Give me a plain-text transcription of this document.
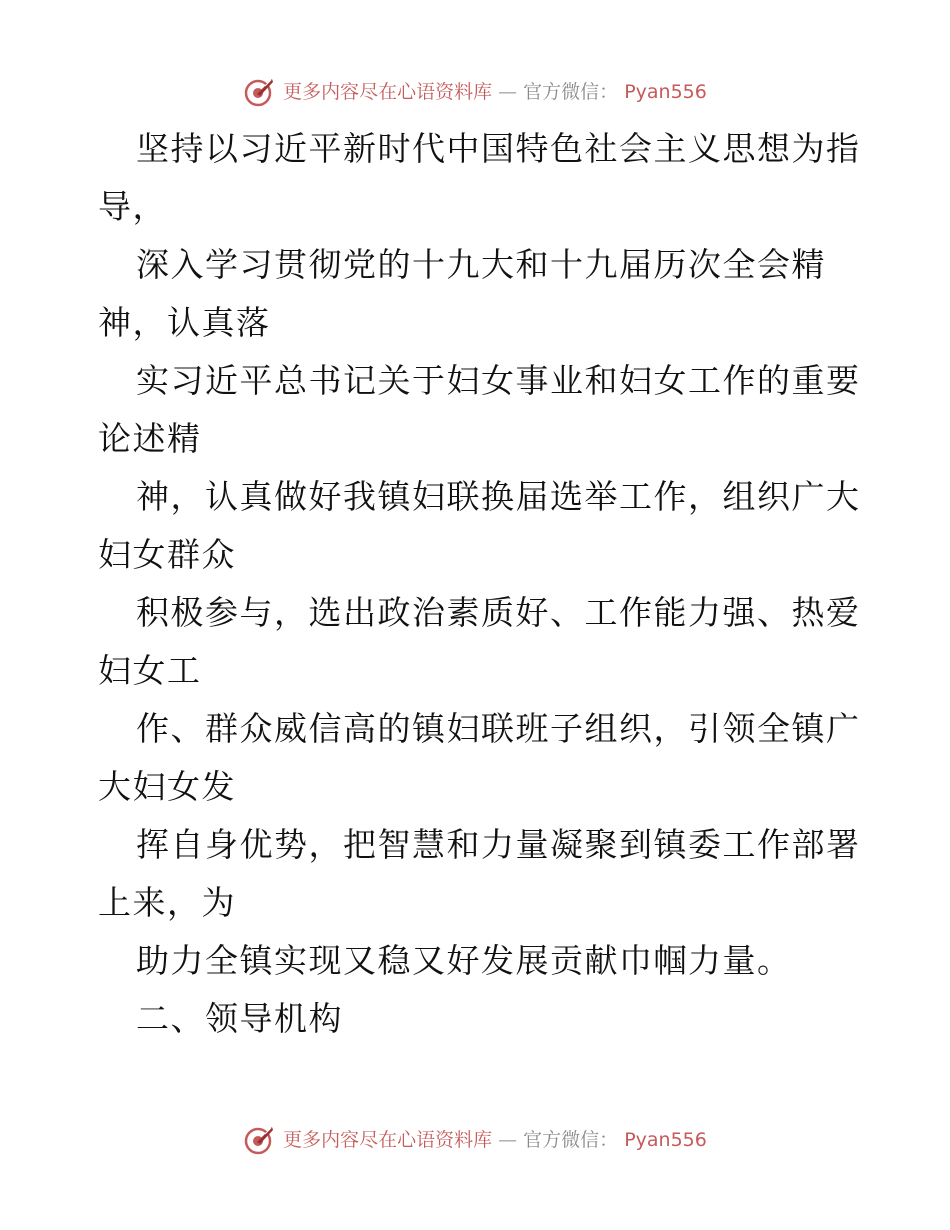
更多内容尽在心语资料库 — 官方微信： Pyan556

坚持以习近平新时代中国特色社会主义思想为指
导，

深入学习贯彻党的十九大和十九届历次全会精
神，认真落

实习近平总书记关于妇女事业和妇女工作的重要
论述精

神，认真做好我镇妇联换届选举工作，组织广大
妇女群众

积极参与，选出政治素质好、工作能力强、热爱
妇女工

作、群众威信高的镇妇联班子组织，引领全镇广
大妇女发

挥自身优势，把智慧和力量凝聚到镇委工作部署
上来，为

助力全镇实现又稳又好发展贡献巾帼力量。

二、领导机构

更多内容尽在心语资料库 — 官方微信： Pyan556
